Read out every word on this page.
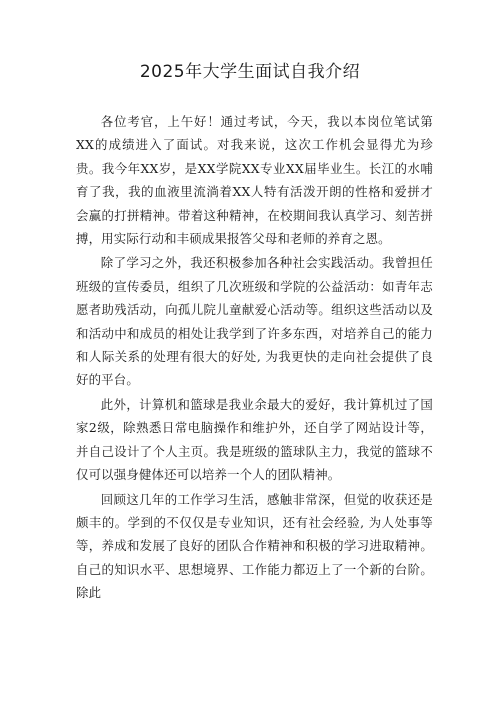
2025年大学生面试自我介绍

各位考官，上午好！通过考试，今天，我以本岗位笔试第XX的成绩进入了面试。对我来说，这次工作机会显得尤为珍贵。我今年XX岁，是XX学院XX专业XX届毕业生。长江的水哺育了我，我的血液里流淌着XX人特有活泼开朗的性格和爱拼才会赢的打拼精神。带着这种精神，在校期间我认真学习、刻苦拼搏，用实际行动和丰硕成果报答父母和老师的养育之恩。

除了学习之外，我还积极参加各种社会实践活动。我曾担任班级的宣传委员，组织了几次班级和学院的公益活动：如青年志愿者助残活动，向孤儿院儿童献爱心活动等。组织这些活动以及和活动中和成员的相处让我学到了许多东西，对培养自己的能力和人际关系的处理有很大的好处, 为我更快的走向社会提供了良好的平台。

此外，计算机和篮球是我业余最大的爱好，我计算机过了国家2级，除熟悉日常电脑操作和维护外，还自学了网站设计等，并自己设计了个人主页。我是班级的篮球队主力，我觉的篮球不仅可以强身健体还可以培养一个人的团队精神。

回顾这几年的工作学习生活，感触非常深，但觉的收获还是颇丰的。学到的不仅仅是专业知识，还有社会经验, 为人处事等等，养成和发展了良好的团队合作精神和积极的学习进取精神。自己的知识水平、思想境界、工作能力都迈上了一个新的台阶。除此
